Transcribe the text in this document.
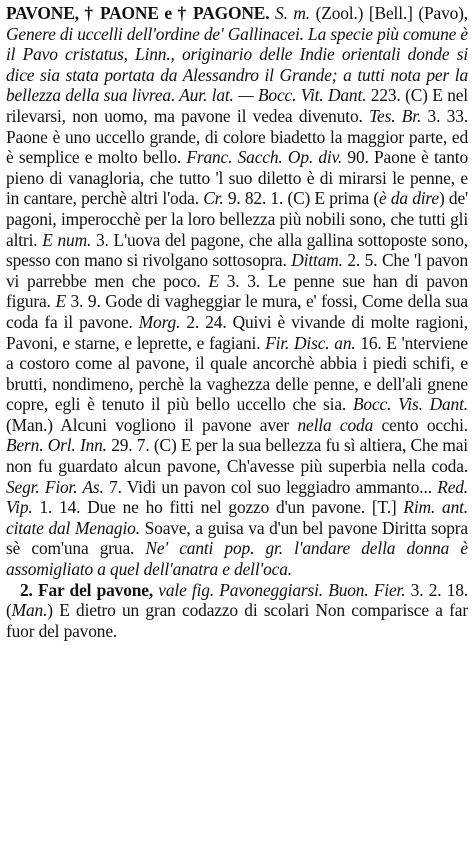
PAVONE, † PAONE e † PAGONE. S. m. (Zool.) [Bell.] (Pavo), Genere di uccelli dell'ordine de' Gallinacei. La specie più comune è il Pavo cristatus, Linn., originario delle Indie orientali donde si dice sia stata portata da Alessandro il Grande; a tutti nota per la bellezza della sua livrea. Aur. lat. — Bocc. Vit. Dant. 223. (C) E nel rilevarsi, non uomo, ma pavone il vedea divenuto. Tes. Br. 3. 33. Paone è uno uccello grande, di colore biadetto la maggior parte, ed è semplice e molto bello. Franc. Sacch. Op. div. 90. Paone è tanto pieno di vanagloria, che tutto 'l suo diletto è di mirarsi le penne, e in cantare, perchè altri l'oda. Cr. 9. 82. 1. (C) E prima (è da dire) de' pagoni, imperocchè per la loro bellezza più nobili sono, che tutti gli altri. E num. 3. L'uova del pagone, che alla gallina sottoposte sono, spesso con mano si rivolgano sottosopra. Dittam. 2. 5. Che 'l pavon vi parrebbe men che poco. E 3. 3. Le penne sue han di pavon figura. E 3. 9. Gode di vagheggiar le mura, e' fossi, Come della sua coda fa il pavone. Morg. 2. 24. Quivi è vivande di molte ragioni, Pavoni, e starne, e leprette, e fagiani. Fir. Disc. an. 16. E 'nterviene a costoro come al pavone, il quale ancorchè abbia i piedi schifi, e brutti, nondimeno, perchè la vaghezza delle penne, e dell'ali gnene copre, egli è tenuto il più bello uccello che sia. Bocc. Vis. Dant. (Man.) Alcuni vogliono il pavone aver nella coda cento occhi. Bern. Orl. Inn. 29. 7. (C) E per la sua bellezza fu sì altiera, Che mai non fu guardato alcun pavone, Ch'avesse più superbia nella coda. Segr. Fior. As. 7. Vidi un pavon col suo leggiadro ammanto... Red. Vip. 1. 14. Due ne ho fitti nel gozzo d'un pavone. [T.] Rim. ant. citate dal Menagio. Soave, a guisa va d'un bel pavone Diritta sopra sè com'una grua. Ne' canti pop. gr. l'andare della donna è assomigliato a quel dell'anatra e dell'oca.

2. Far del pavone, vale fig. Pavoneggiarsi. Buon. Fier. 3. 2. 18. (Man.) E dietro un gran codazzo di scolari Non comparisce a far fuor del pavone.
